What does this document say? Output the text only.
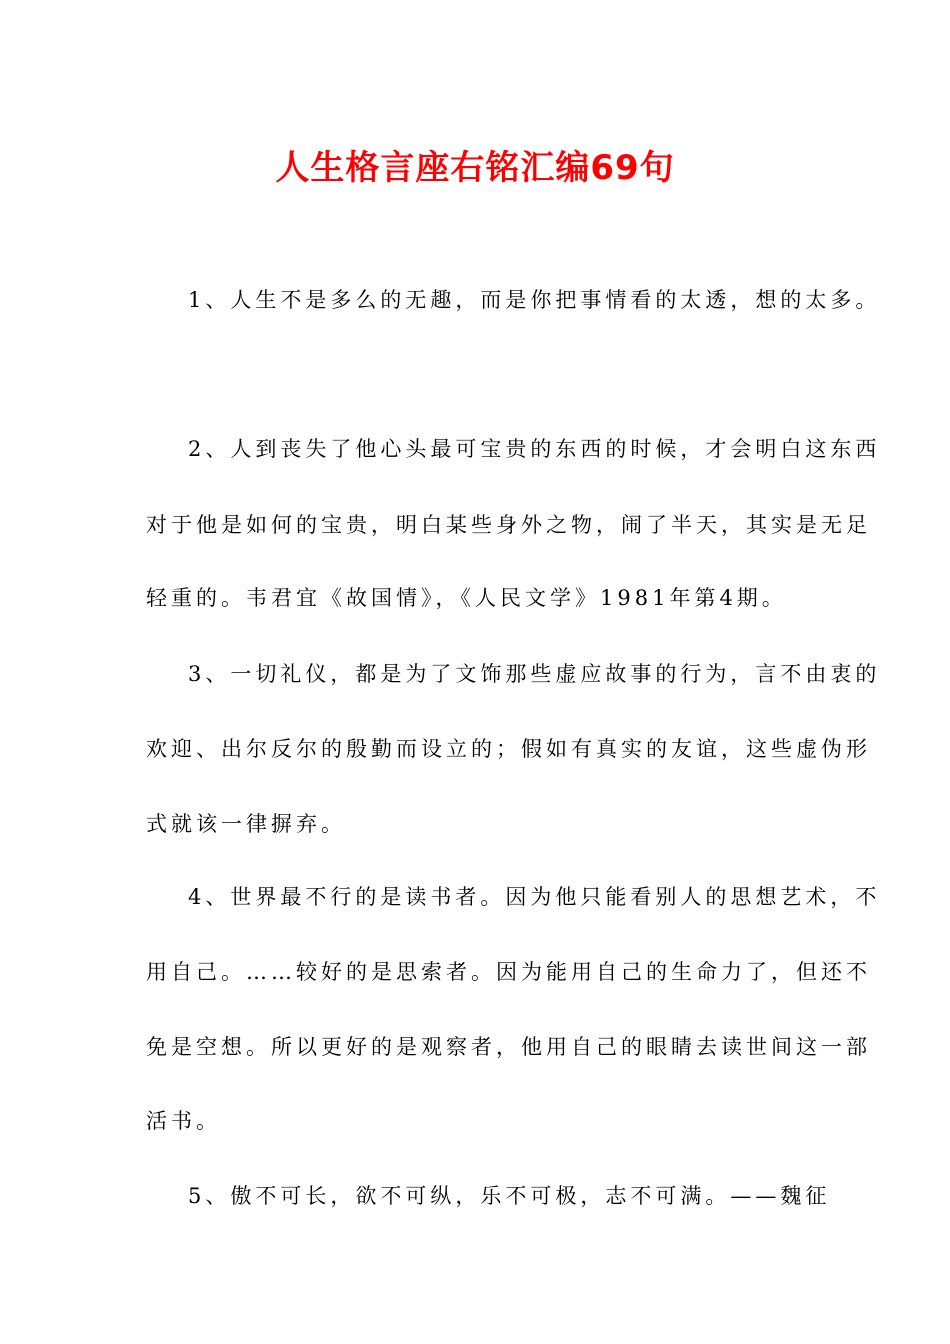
人生格言座右铭汇编69句
1、人生不是多么的无趣，而是你把事情看的太透，想的太多。
2、人到丧失了他心头最可宝贵的东西的时候，才会明白这东西
对于他是如何的宝贵，明白某些身外之物，闹了半天，其实是无足
轻重的。韦君宜《故国情》，《人民文学》1981年第4期。
3、一切礼仪，都是为了文饰那些虚应故事的行为，言不由衷的
欢迎、出尔反尔的殷勤而设立的；假如有真实的友谊，这些虚伪形
式就该一律摒弃。
4、世界最不行的是读书者。因为他只能看别人的思想艺术，不
用自己。……较好的是思索者。因为能用自己的生命力了，但还不
免是空想。所以更好的是观察者，他用自己的眼睛去读世间这一部
活书。
5、傲不可长，欲不可纵，乐不可极，志不可满。——魏征
